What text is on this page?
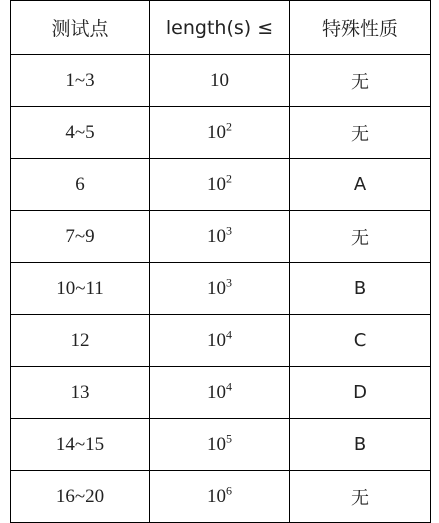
测试点	length(s) ≤	特殊性质
1~3	10	无
4~5	$10^2$	无
6	$10^2$	A
7~9	$10^3$	无
10~11	$10^3$	B
12	$10^4$	C
13	$10^4$	D
14~15	$10^5$	B
16~20	$10^6$	无
